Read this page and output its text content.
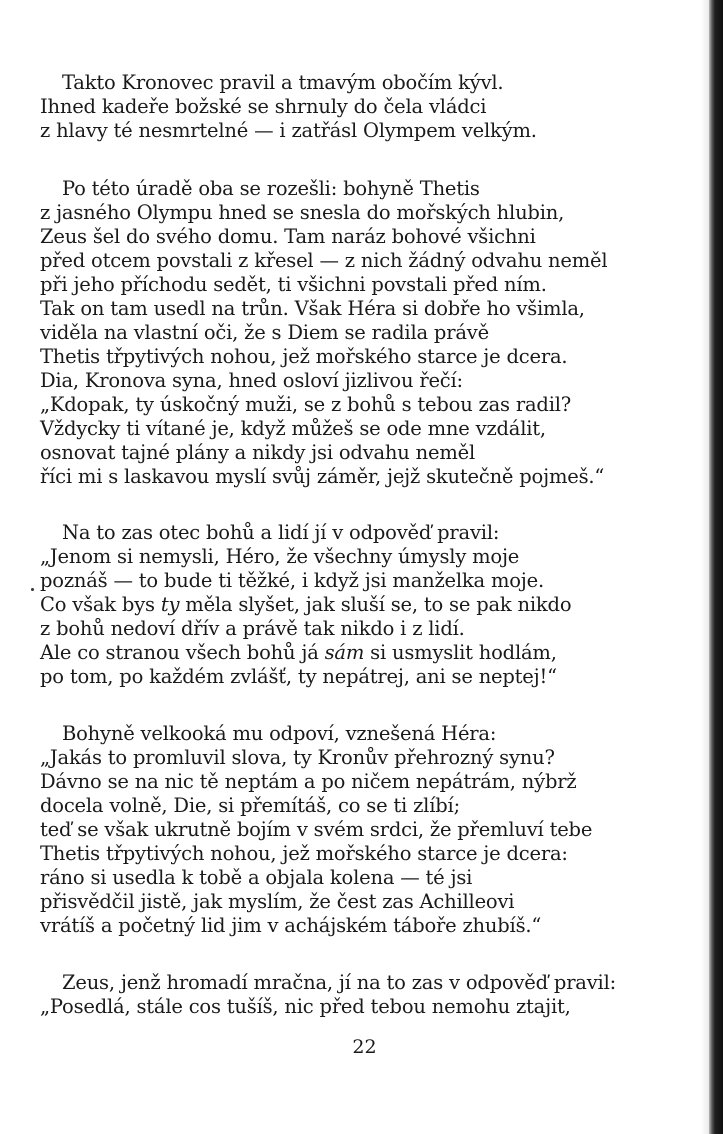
Takto Kronovec pravil a tmavým obočím kývl.
Ihned kadeře božské se shrnuly do čela vládci
z hlavy té nesmrtelné — i zatřásl Olympem velkým.
Po této úradě oba se rozešli: bohyně Thetis
z jasného Olympu hned se snesla do mořských hlubin,
Zeus šel do svého domu. Tam naráz bohové všichni
před otcem povstali z křesel — z nich žádný odvahu neměl
při jeho příchodu sedět, ti všichni povstali před ním.
Tak on tam usedl na trůn. Však Héra si dobře ho všimla,
viděla na vlastní oči, že s Diem se radila právě
Thetis třpytivých nohou, jež mořského starce je dcera.
Dia, Kronova syna, hned osloví jizlivou řečí:
„Kdopak, ty úskočný muži, se z bohů s tebou zas radil?
Vždycky ti vítané je, když můžeš se ode mne vzdálit,
osnovat tajné plány a nikdy jsi odvahu neměl
říci mi s laskavou myslí svůj záměr, jejž skutečně pojmeš.“
Na to zas otec bohů a lidí jí v odpověď pravil:
„Jenom si nemysli, Héro, že všechny úmysly moje
poznáš — to bude ti těžké, i když jsi manželka moje.
Co však bys ty měla slyšet, jak sluší se, to se pak nikdo
z bohů nedoví dřív a právě tak nikdo i z lidí.
Ale co stranou všech bohů já sám si usmyslit hodlám,
po tom, po každém zvlášť, ty nepátrej, ani se neptej!“
Bohyně velkooká mu odpoví, vznešená Héra:
„Jakás to promluvil slova, ty Kronův přehrozný synu?
Dávno se na nic tě neptám a po ničem nepátrám, nýbrž
docela volně, Die, si přemítáš, co se ti zlíbí;
teď se však ukrutně bojím v svém srdci, že přemluví tebe
Thetis třpytivých nohou, jež mořského starce je dcera:
ráno si usedla k tobě a objala kolena — té jsi
přisvědčil jistě, jak myslím, že čest zas Achilleovi
vrátíš a početný lid jim v achájském táboře zhubíš.“
Zeus, jenž hromadí mračna, jí na to zas v odpověď pravil:
„Posedlá, stále cos tušíš, nic před tebou nemohu ztajit,
22
